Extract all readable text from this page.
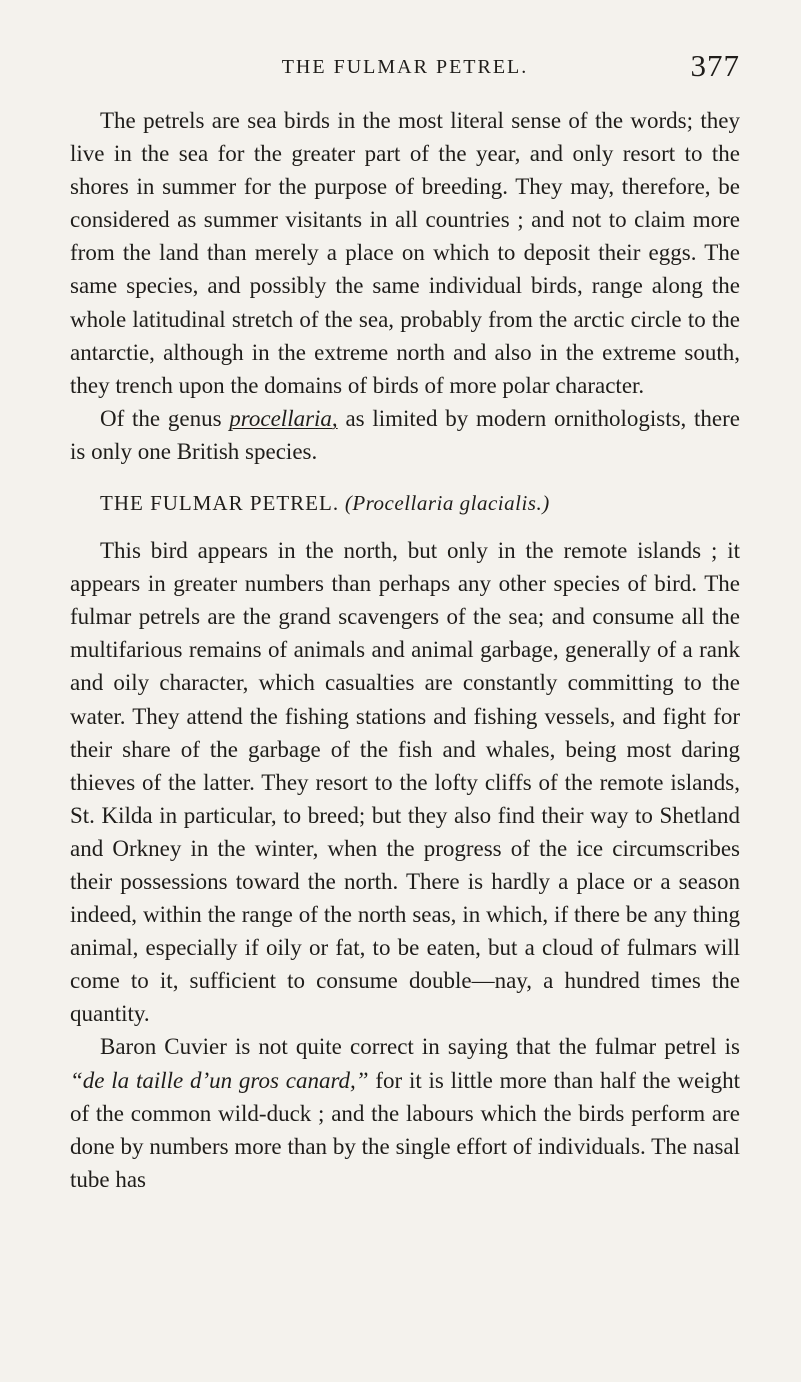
THE FULMAR PETREL.	377

The petrels are sea birds in the most literal sense of the words; they live in the sea for the greater part of the year, and only resort to the shores in summer for the purpose of breeding. They may, therefore, be considered as summer visitants in all countries ; and not to claim more from the land than merely a place on which to deposit their eggs. The same species, and possibly the same individual birds, range along the whole latitudinal stretch of the sea, probably from the arctic circle to the antarctie, although in the extreme north and also in the extreme south, they trench upon the domains of birds of more polar character.

Of the genus procellaria, as limited by modern ornithologists, there is only one British species.

THE FULMAR PETREL. (Procellaria glacialis.)

This bird appears in the north, but only in the remote islands ; it appears in greater numbers than perhaps any other species of bird. The fulmar petrels are the grand scavengers of the sea; and consume all the multifarious remains of animals and animal garbage, generally of a rank and oily character, which casualties are constantly committing to the water. They attend the fishing stations and fishing vessels, and fight for their share of the garbage of the fish and whales, being most daring thieves of the latter. They resort to the lofty cliffs of the remote islands, St. Kilda in particular, to breed; but they also find their way to Shetland and Orkney in the winter, when the progress of the ice circumscribes their possessions toward the north. There is hardly a place or a season indeed, within the range of the north seas, in which, if there be any thing animal, especially if oily or fat, to be eaten, but a cloud of fulmars will come to it, sufficient to consume double—nay, a hundred times the quantity.

Baron Cuvier is not quite correct in saying that the fulmar petrel is “de la taille d’un gros canard,” for it is little more than half the weight of the common wild-duck ; and the labours which the birds perform are done by numbers more than by the single effort of individuals. The nasal tube has
